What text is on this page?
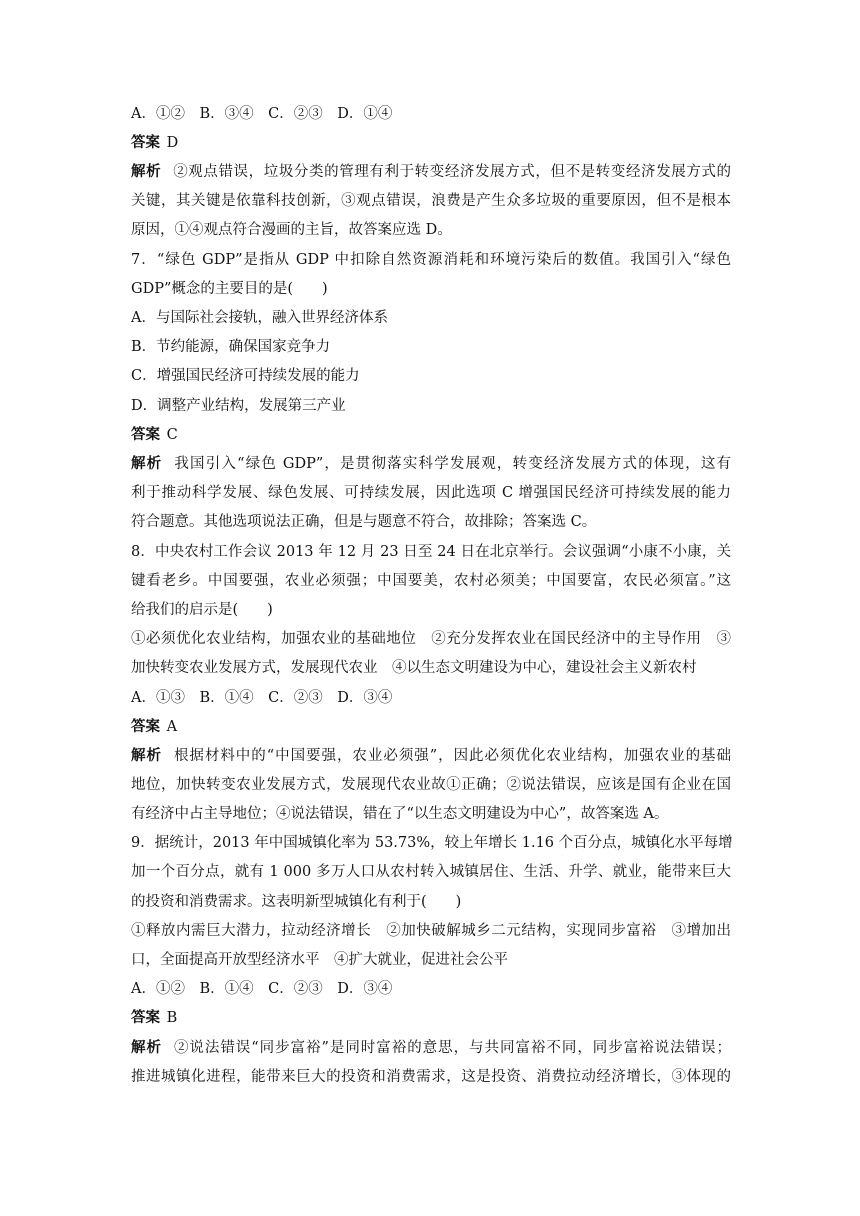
A．①②　B．③④　C．②③　D．①④
答案 D
解析 ②观点错误，垃圾分类的管理有利于转变经济发展方式，但不是转变经济发展方式的
关键，其关键是依靠科技创新，③观点错误，浪费是产生众多垃圾的重要原因，但不是根本
原因，①④观点符合漫画的主旨，故答案应选 D。
7．“绿色 GDP”是指从 GDP 中扣除自然资源消耗和环境污染后的数值。我国引入“绿色
GDP”概念的主要目的是(　　)
A．与国际社会接轨，融入世界经济体系
B．节约能源，确保国家竞争力
C．增强国民经济可持续发展的能力
D．调整产业结构，发展第三产业
答案 C
解析 我国引入“绿色 GDP”，是贯彻落实科学发展观，转变经济发展方式的体现，这有
利于推动科学发展、绿色发展、可持续发展，因此选项 C 增强国民经济可持续发展的能力
符合题意。其他选项说法正确，但是与题意不符合，故排除；答案选 C。
8．中央农村工作会议 2013 年 12 月 23 日至 24 日在北京举行。会议强调“小康不小康，关
键看老乡。中国要强，农业必须强；中国要美，农村必须美；中国要富，农民必须富。”这
给我们的启示是(　　)
①必须优化农业结构，加强农业的基础地位　②充分发挥农业在国民经济中的主导作用　③
加快转变农业发展方式，发展现代农业　④以生态文明建设为中心，建设社会主义新农村
A．①③　B．①④　C．②③　D．③④
答案 A
解析 根据材料中的“中国要强，农业必须强”，因此必须优化农业结构，加强农业的基础
地位，加快转变农业发展方式，发展现代农业故①正确；②说法错误，应该是国有企业在国
有经济中占主导地位；④说法错误，错在了“以生态文明建设为中心”，故答案选 A。
9．据统计，2013 年中国城镇化率为 53.73%，较上年增长 1.16 个百分点，城镇化水平每增
加一个百分点，就有 1 000 多万人口从农村转入城镇居住、生活、升学、就业，能带来巨大
的投资和消费需求。这表明新型城镇化有利于(　　)
①释放内需巨大潜力，拉动经济增长　②加快破解城乡二元结构，实现同步富裕　③增加出
口，全面提高开放型经济水平　④扩大就业，促进社会公平
A．①②　B．①④　C．②③　D．③④
答案 B
解析 ②说法错误“同步富裕”是同时富裕的意思，与共同富裕不同，同步富裕说法错误；
推进城镇化进程，能带来巨大的投资和消费需求，这是投资、消费拉动经济增长，③体现的
